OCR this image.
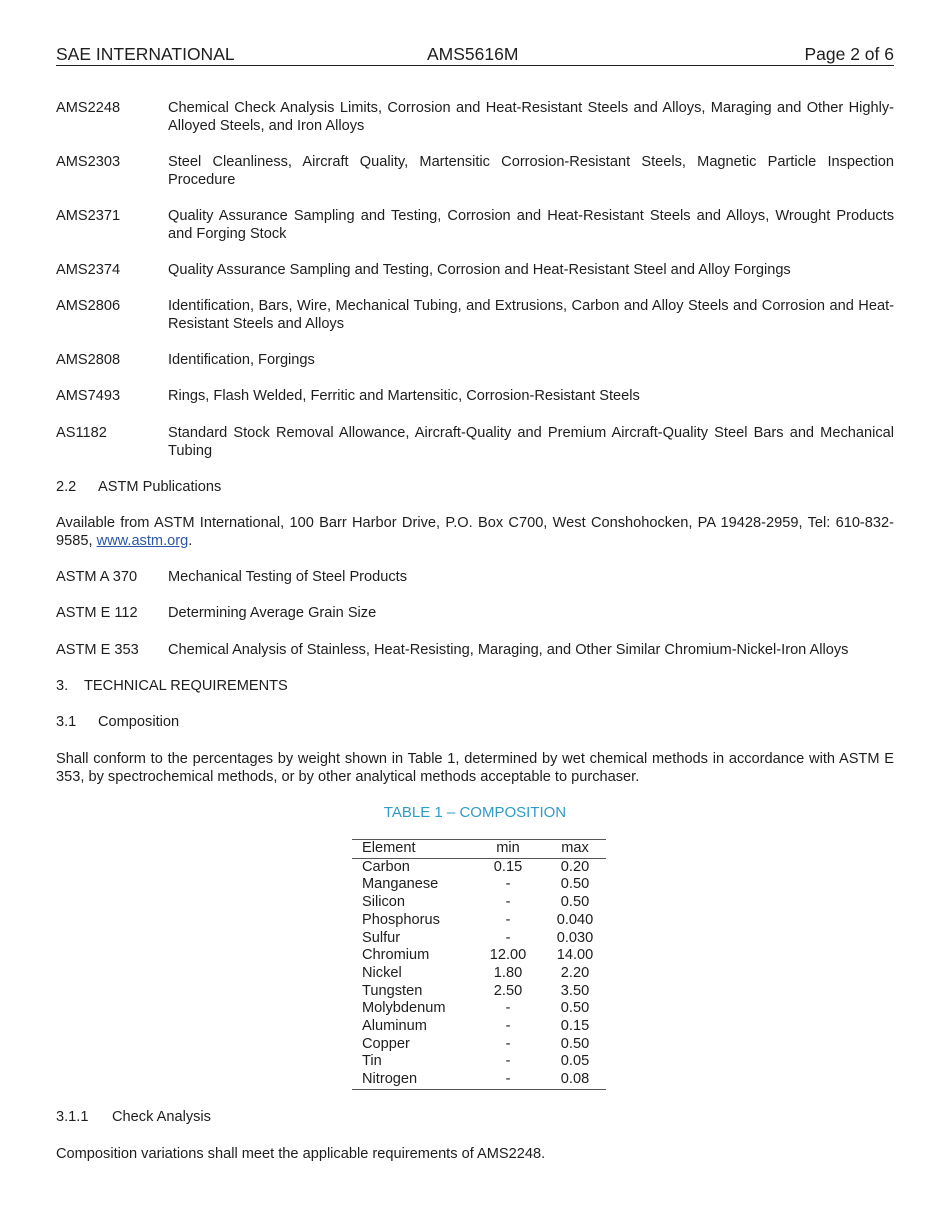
SAE INTERNATIONAL	AMS5616M	Page 2 of 6
AMS2248	Chemical Check Analysis Limits, Corrosion and Heat-Resistant Steels and Alloys, Maraging and Other Highly-Alloyed Steels, and Iron Alloys
AMS2303	Steel Cleanliness, Aircraft Quality, Martensitic Corrosion-Resistant Steels, Magnetic Particle Inspection Procedure
AMS2371	Quality Assurance Sampling and Testing, Corrosion and Heat-Resistant Steels and Alloys, Wrought Products and Forging Stock
AMS2374	Quality Assurance Sampling and Testing, Corrosion and Heat-Resistant Steel and Alloy Forgings
AMS2806	Identification, Bars, Wire, Mechanical Tubing, and Extrusions, Carbon and Alloy Steels and Corrosion and Heat-Resistant Steels and Alloys
AMS2808	Identification, Forgings
AMS7493	Rings, Flash Welded, Ferritic and Martensitic, Corrosion-Resistant Steels
AS1182	Standard Stock Removal Allowance, Aircraft-Quality and Premium Aircraft-Quality Steel Bars and Mechanical Tubing
2.2 ASTM Publications
Available from ASTM International, 100 Barr Harbor Drive, P.O. Box C700, West Conshohocken, PA 19428-2959, Tel: 610-832-9585, www.astm.org.
ASTM A 370 Mechanical Testing of Steel Products
ASTM E 112 Determining Average Grain Size
ASTM E 353 Chemical Analysis of Stainless, Heat-Resisting, Maraging, and Other Similar Chromium-Nickel-Iron Alloys
3. TECHNICAL REQUIREMENTS
3.1 Composition
Shall conform to the percentages by weight shown in Table 1, determined by wet chemical methods in accordance with ASTM E 353, by spectrochemical methods, or by other analytical methods acceptable to purchaser.
TABLE 1 – COMPOSITION
Element	min	max
Carbon	0.15	0.20
Manganese	-	0.50
Silicon	-	0.50
Phosphorus	-	0.040
Sulfur	-	0.030
Chromium	12.00	14.00
Nickel	1.80	2.20
Tungsten	2.50	3.50
Molybdenum	-	0.50
Aluminum	-	0.15
Copper	-	0.50
Tin	-	0.05
Nitrogen	-	0.08
3.1.1 Check Analysis
Composition variations shall meet the applicable requirements of AMS2248.
